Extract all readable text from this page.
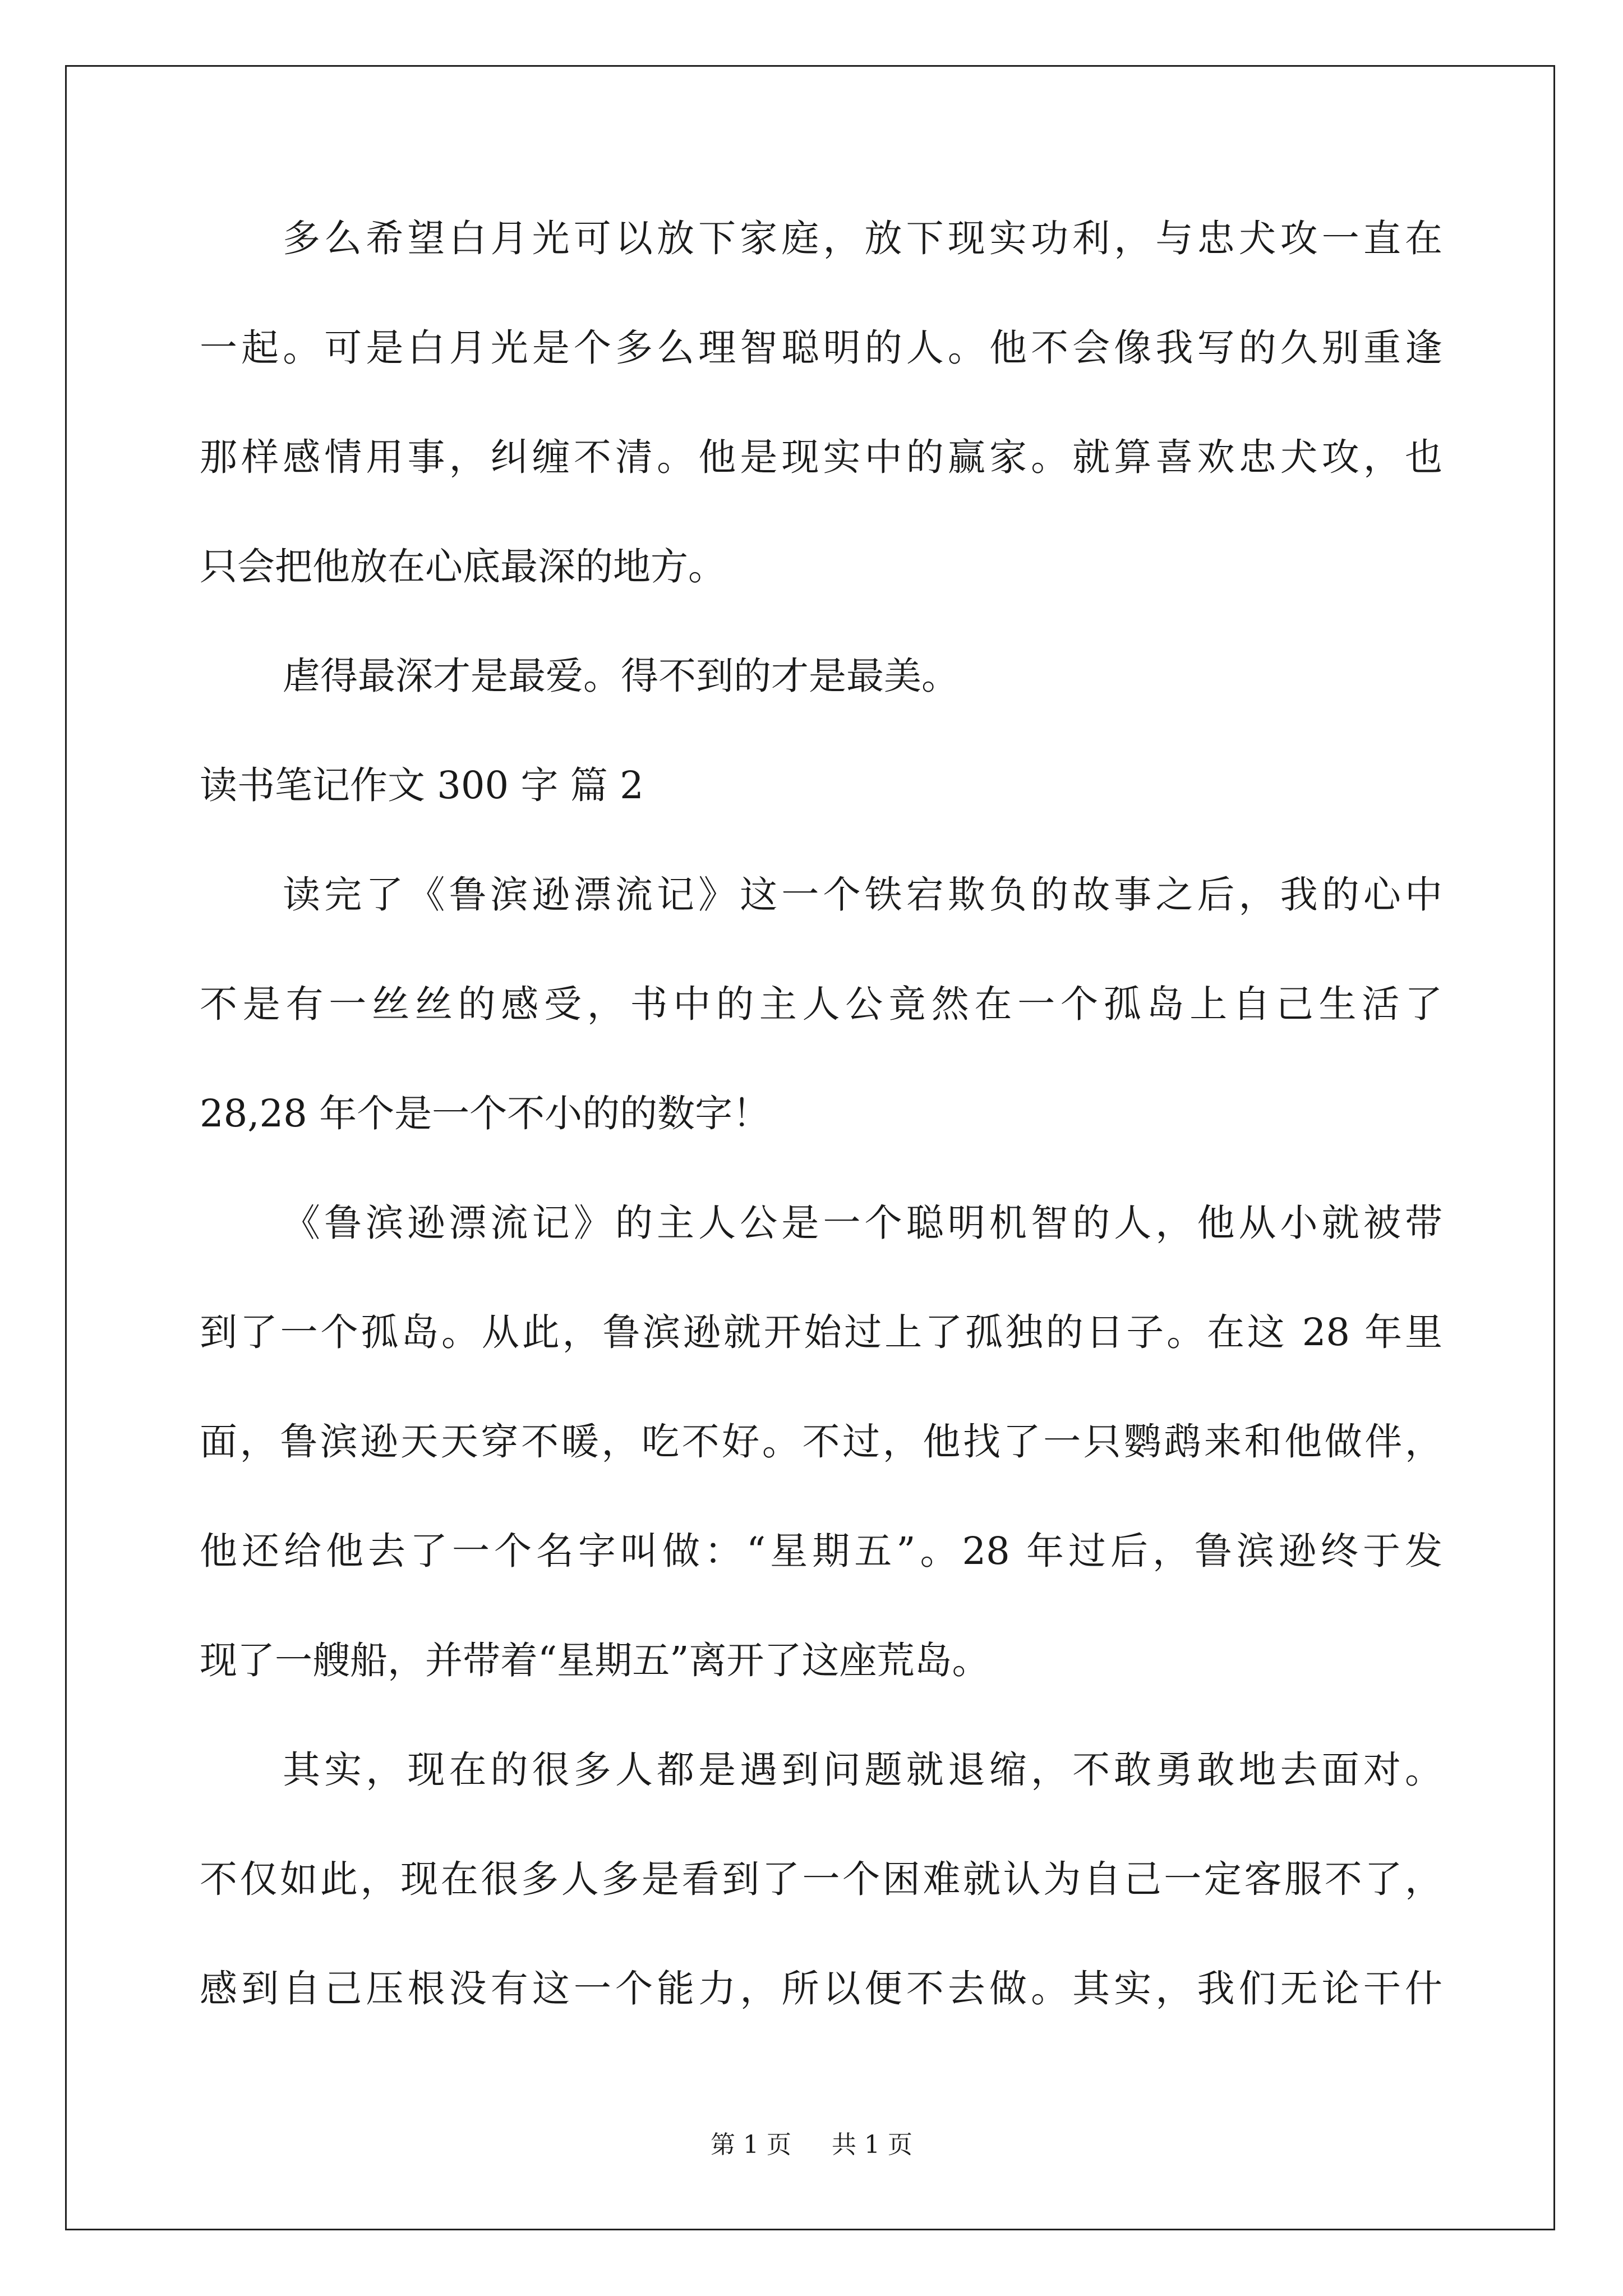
多么希望白月光可以放下家庭，放下现实功利，与忠犬攻一直在

一起。可是白月光是个多么理智聪明的人。他不会像我写的久别重逢

那样感情用事，纠缠不清。他是现实中的赢家。就算喜欢忠犬攻，也

只会把他放在心底最深的地方。

虐得最深才是最爱。得不到的才是最美。

读书笔记作文 300 字 篇 2

读完了《鲁滨逊漂流记》这一个铁宕欺负的故事之后，我的心中

不是有一丝丝的感受，书中的主人公竟然在一个孤岛上自己生活了

28,28 年个是一个不小的的数字！

《鲁滨逊漂流记》的主人公是一个聪明机智的人，他从小就被带

到了一个孤岛。从此，鲁滨逊就开始过上了孤独的日子。在这 28 年里

面，鲁滨逊天天穿不暖，吃不好。不过，他找了一只鹦鹉来和他做伴，

他还给他去了一个名字叫做：“星期五”。28 年过后，鲁滨逊终于发

现了一艘船，并带着“星期五”离开了这座荒岛。

其实，现在的很多人都是遇到问题就退缩，不敢勇敢地去面对。

不仅如此，现在很多人多是看到了一个困难就认为自己一定客服不了，

感到自己压根没有这一个能力，所以便不去做。其实，我们无论干什

第 1 页 共 1 页
